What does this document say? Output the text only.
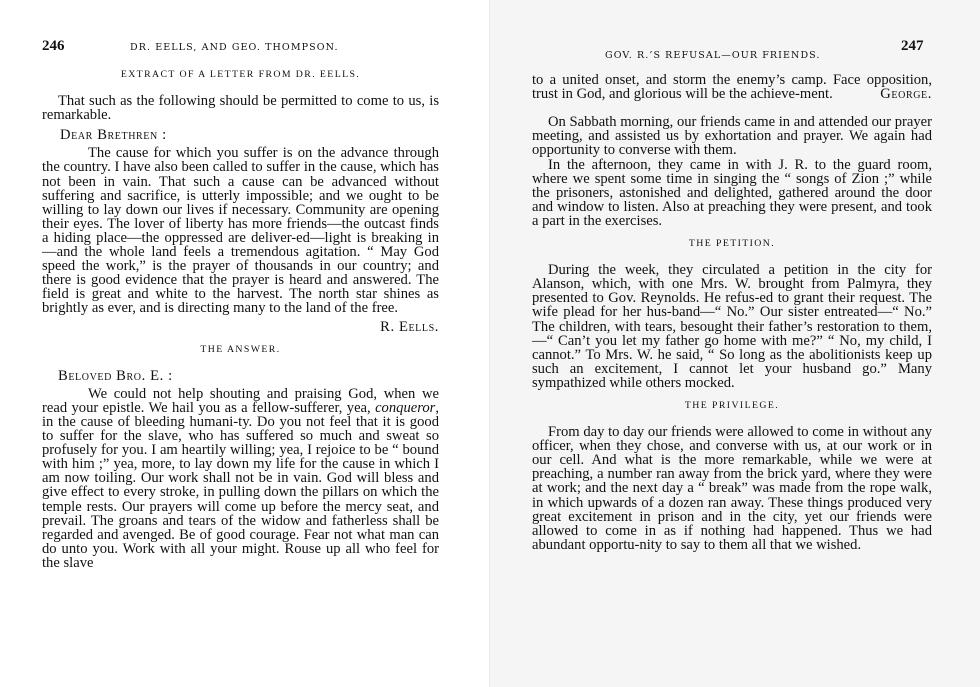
246	DR. EELLS, AND GEO. THOMPSON.
EXTRACT OF A LETTER FROM DR. EELLS.

That such as the following should be permitted to come to us, is remarkable.

Dear Brethren :

The cause for which you suffer is on the advance through the country. I have also been called to suffer in the cause, which has not been in vain. That such a cause can be advanced without suffering and sacrifice, is utterly impossible; and we ought to be willing to lay down our lives if necessary. Community are opening their eyes. The lover of liberty has more friends—the outcast finds a hiding place—the oppressed are deliver-ed—light is breaking in—and the whole land feels a tremendous agitation. “ May God speed the work,” is the prayer of thousands in our country; and there is good evidence that the prayer is heard and answered. The field is great and white to the harvest. The north star shines as brightly as ever, and is directing many to the land of the free.

R. Eells.

THE ANSWER.

Beloved Bro. E. :

We could not help shouting and praising God, when we read your epistle. We hail you as a fellow-sufferer, yea, conqueror, in the cause of bleeding humani-ty. Do you not feel that it is good to suffer for the slave, who has suffered so much and sweat so profusely for you. I am heartily willing; yea, I rejoice to be “ bound with him ;” yea, more, to lay down my life for the cause in which I am now toiling. Our work shall not be in vain. God will bless and give effect to every stroke, in pulling down the pillars on which the temple rests. Our prayers will come up before the mercy seat, and prevail. The groans and tears of the widow and fatherless shall be regarded and avenged. Be of good courage. Fear not what man can do unto you. Work with all your might. Rouse up all who feel for the slave

GOV. R.’S REFUSAL—OUR FRIENDS.
247

to a united onset, and storm the enemy’s camp. Face opposition, trust in God, and glorious will be the achieve-ment.	George.

On Sabbath morning, our friends came in and attended our prayer meeting, and assisted us by exhortation and prayer. We again had opportunity to converse with them.

In the afternoon, they came in with J. R. to the guard room, where we spent some time in singing the “ songs of Zion ;” while the prisoners, astonished and delighted, gathered around the door and window to listen. Also at preaching they were present, and took a part in the exercises.

THE PETITION.

During the week, they circulated a petition in the city for Alanson, which, with one Mrs. W. brought from Palmyra, they presented to Gov. Reynolds. He refus-ed to grant their request. The wife plead for her hus-band—“ No.” Our sister entreated—“ No.” The children, with tears, besought their father’s restoration to them,—“ Can’t you let my father go home with me?” “ No, my child, I cannot.” To Mrs. W. he said, “ So long as the abolitionists keep up such an excitement, I cannot let your husband go.” Many sympathized while others mocked.

THE PRIVILEGE.

From day to day our friends were allowed to come in without any officer, when they chose, and converse with us, at our work or in our cell. And what is the more remarkable, while we were at preaching, a number ran away from the brick yard, where they were at work; and the next day a “ break” was made from the rope walk, in which upwards of a dozen ran away. These things produced very great excitement in prison and in the city, yet our friends were allowed to come in as if nothing had happened. Thus we had abundant opportu-nity to say to them all that we wished.
